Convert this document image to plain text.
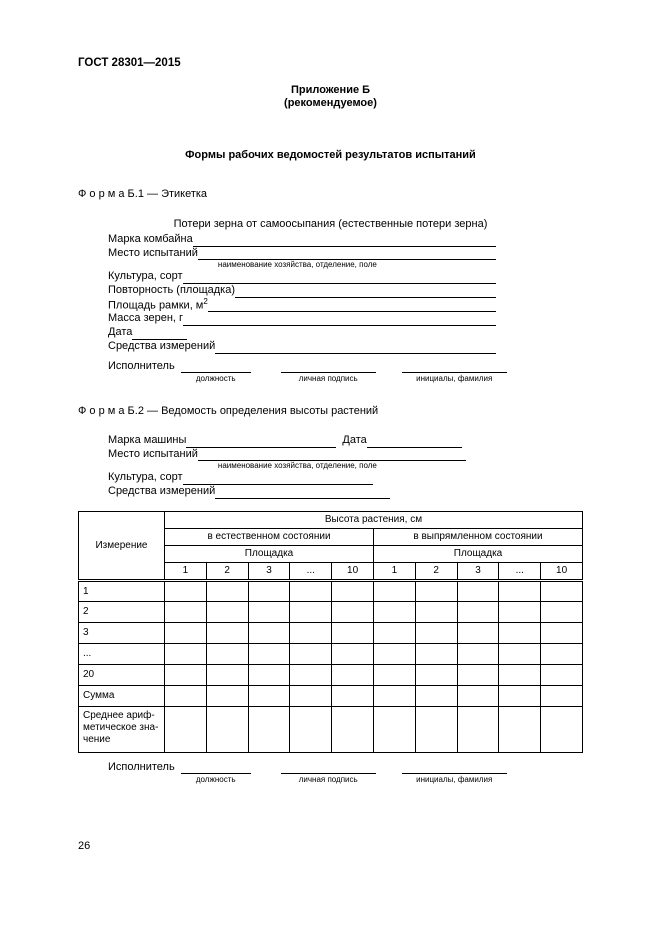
ГОСТ 28301—2015
Приложение Б
(рекомендуемое)
Формы рабочих ведомостей результатов испытаний
Ф о р м а Б.1 — Этикетка
Потери зерна от самоосыпания (естественные потери зерна)
Марка комбайна
Место испытаний
наименование хозяйства, отделение, поле
Культура, сорт
Повторность (площадка)
Площадь рамки, $м^2$
Масса зерен, г
Дата
Средства измерений
Исполнитель
должность	личная подпись	инициалы, фамилия
Ф о р м а Б.2 — Ведомость определения высоты растений
Марка машины	Дата
Место испытаний
наименование хозяйства, отделение, поле
Культура, сорт
Средства измерений
Измерение	Высота растения, см									
	в естественном состоянии					в выпрямленном состоянии				
	Площадка					Площадка				
	1	2	3	...	10	1	2	3	...	10
1										
2										
3										
...										
20										
Сумма										

Среднее ариф-
метическое зна-
чение										

Исполнитель
должность	личная подпись	инициалы, фамилия
26
